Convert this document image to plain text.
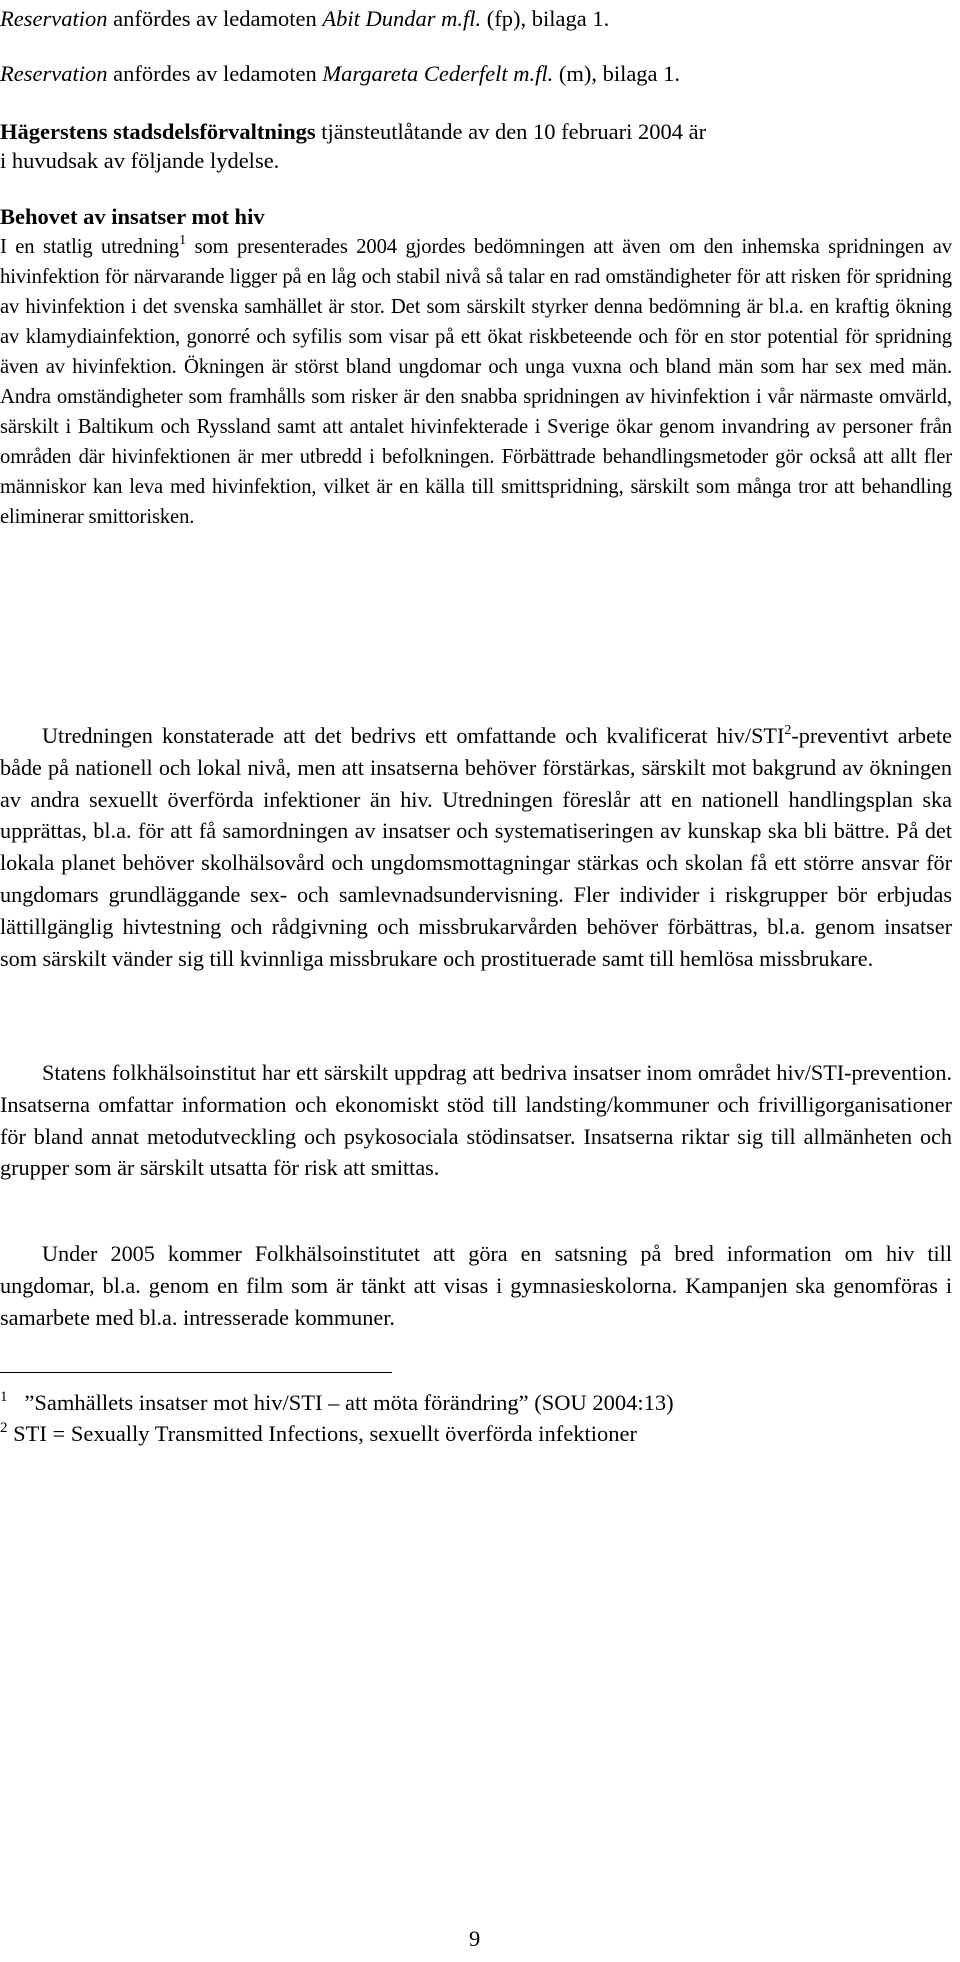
Reservation anfördes av ledamoten Abit Dundar m.fl. (fp), bilaga 1.
Reservation anfördes av ledamoten Margareta Cederfelt m.fl. (m), bilaga 1.
Hägerstens stadsdelsförvaltnings tjänsteutlåtande av den 10 februari 2004 är
i huvudsak av följande lydelse.
Behovet av insatser mot hiv
I en statlig utredning$^1$ som presenterades 2004 gjordes bedömningen att även om den inhemska spridningen av hivinfektion för närvarande ligger på en låg och stabil nivå så talar en rad omständigheter för att risken för spridning av hivinfektion i det svenska samhället är stor. Det som särskilt styrker denna bedömning är bl.a. en kraftig ökning av klamydiainfektion, gonorré och syfilis som visar på ett ökat riskbeteende och för en stor potential för spridning även av hivinfektion. Ökningen är störst bland ungdomar och unga vuxna och bland män som har sex med män. Andra omständigheter som framhålls som risker är den snabba spridningen av hivinfektion i vår närmaste omvärld, särskilt i Baltikum och Ryssland samt att antalet hivinfekterade i Sverige ökar genom invandring av personer från områden där hivinfektionen är mer utbredd i befolkningen. Förbättrade behandlingsmetoder gör också att allt fler människor kan leva med hivinfektion, vilket är en källa till smittspridning, särskilt som många tror att behandling eliminerar smittorisken.
Utredningen konstaterade att det bedrivs ett omfattande och kvalificerat hiv/STI$^2$-preventivt arbete både på nationell och lokal nivå, men att insatserna behöver förstärkas, särskilt mot bakgrund av ökningen av andra sexuellt överförda infektioner än hiv. Utredningen föreslår att en nationell handlingsplan ska upprättas, bl.a. för att få samordningen av insatser och systematiseringen av kunskap ska bli bättre. På det lokala planet behöver skolhälsovård och ungdomsmottagningar stärkas och skolan få ett större ansvar för ungdomars grundläggande sex- och samlevnadsundervisning. Fler individer i riskgrupper bör erbjudas lättillgänglig hivtestning och rådgivning och missbrukarvården behöver förbättras, bl.a. genom insatser som särskilt vänder sig till kvinnliga missbrukare och prostituerade samt till hemlösa missbrukare.
Statens folkhälsoinstitut har ett särskilt uppdrag att bedriva insatser inom området hiv/STI-prevention. Insatserna omfattar information och ekonomiskt stöd till landsting/kommuner och frivilligorganisationer för bland annat metodutveckling och psykosociala stödinsatser. Insatserna riktar sig till allmänheten och grupper som är särskilt utsatta för risk att smittas.
Under 2005 kommer Folkhälsoinstitutet att göra en satsning på bred information om hiv till ungdomar, bl.a. genom en film som är tänkt att visas i gymnasieskolorna. Kampanjen ska genomföras i samarbete med bl.a. intresserade kommuner.
$^1$ ”Samhällets insatser mot hiv/STI – att möta förändring” (SOU 2004:13)
$^2$ STI = Sexually Transmitted Infections, sexuellt överförda infektioner
9
